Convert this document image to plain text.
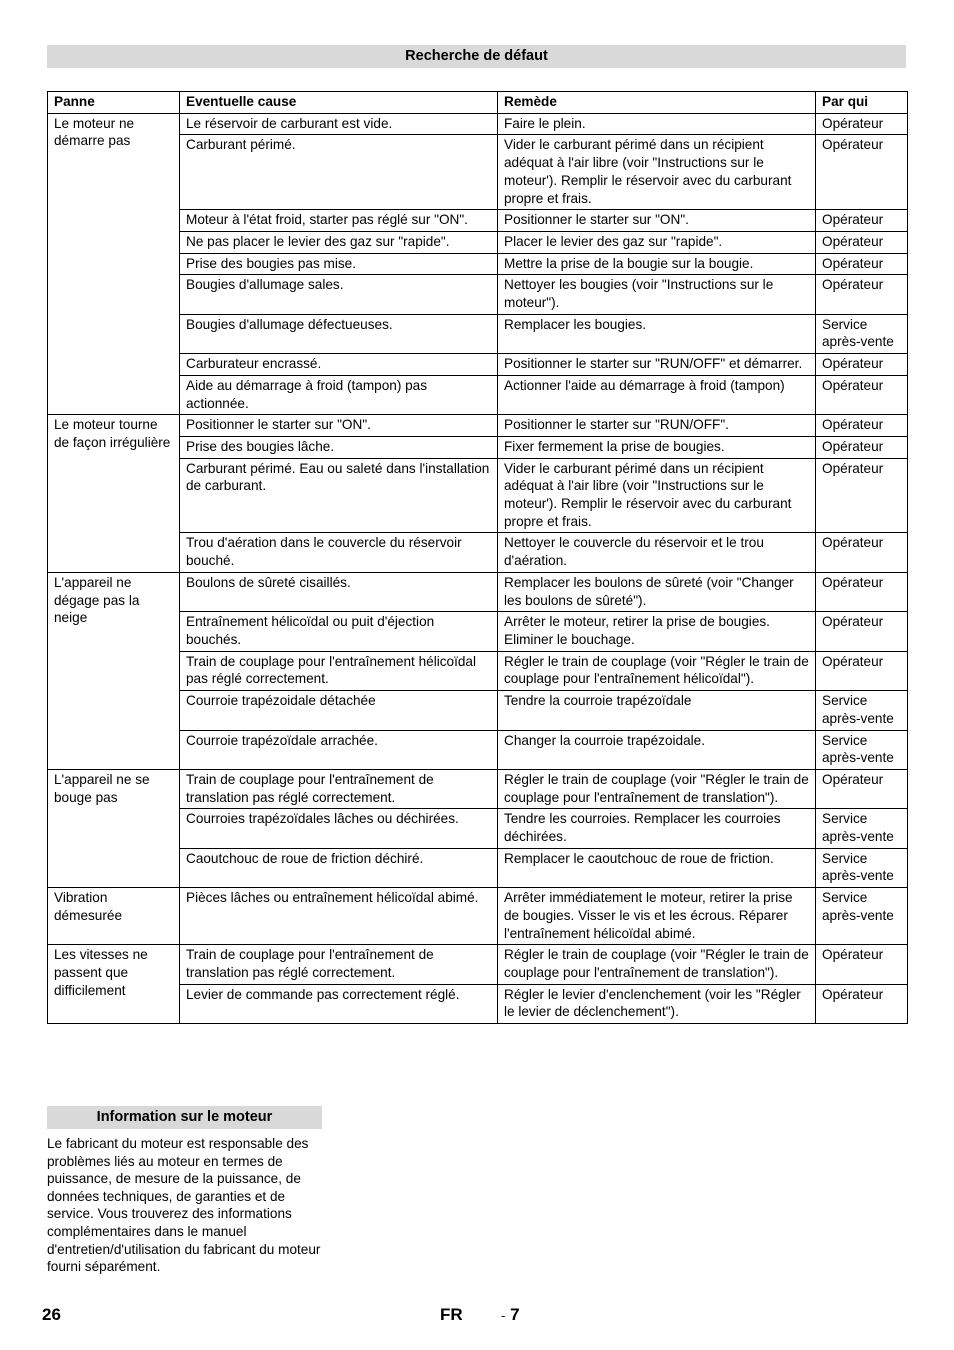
Recherche de défaut
Panne	Eventuelle cause	Remède	Par qui
Le moteur ne démarre pas	Le réservoir de carburant est vide.	Faire le plein.	Opérateur
	Carburant périmé.	Vider le carburant périmé dans un récipient adéquat à l'air libre (voir "Instructions sur le moteur'). Remplir le réservoir avec du carburant propre et frais.	Opérateur
	Moteur à l'état froid, starter pas réglé sur "ON".	Positionner le starter sur "ON".	Opérateur
	Ne pas placer le levier des gaz sur "rapide".	Placer le levier des gaz sur "rapide".	Opérateur
	Prise des bougies pas mise.	Mettre la prise de la bougie sur la bougie.	Opérateur
	Bougies d'allumage sales.	Nettoyer les bougies (voir "Instructions sur le moteur").	Opérateur
	Bougies d'allumage défectueuses.	Remplacer les bougies.	Service après-vente
	Carburateur encrassé.	Positionner le starter sur "RUN/OFF" et démarrer.	Opérateur
	Aide au démarrage à froid (tampon) pas actionnée.	Actionner l'aide au démarrage à froid (tampon)	Opérateur
Le moteur tourne de façon irrégulière	Positionner le starter sur "ON".	Positionner le starter sur "RUN/OFF".	Opérateur
	Prise des bougies lâche.	Fixer fermement la prise de bougies.	Opérateur
	Carburant périmé. Eau ou saleté dans l'installation de carburant.	Vider le carburant périmé dans un récipient adéquat à l'air libre (voir "Instructions sur le moteur'). Remplir le réservoir avec du carburant propre et frais.	Opérateur
	Trou d'aération dans le couvercle du réservoir bouché.	Nettoyer le couvercle du réservoir et le trou d'aération.	Opérateur
L'appareil ne dégage pas la neige	Boulons de sûreté cisaillés.	Remplacer les boulons de sûreté (voir "Changer les boulons de sûreté").	Opérateur
	Entraînement hélicoïdal ou puit d'éjection bouchés.	Arrêter le moteur, retirer la prise de bougies. Eliminer le bouchage.	Opérateur
	Train de couplage pour l'entraînement hélicoïdal pas réglé correctement.	Régler le train de couplage (voir "Régler le train de couplage pour l'entraînement hélicoïdal").	Opérateur
	Courroie trapézoidale détachée	Tendre la courroie trapézoïdale	Service après-vente
	Courroie trapézoïdale arrachée.	Changer la courroie trapézoidale.	Service après-vente
L'appareil ne se bouge pas	Train de couplage pour l'entraînement de translation pas réglé correctement.	Régler le train de couplage (voir "Régler le train de couplage pour l'entraînement de translation").	Opérateur
	Courroies trapézoïdales lâches ou déchirées.	Tendre les courroies. Remplacer les courroies déchirées.	Service après-vente
	Caoutchouc de roue de friction déchiré.	Remplacer le caoutchouc de roue de friction.	Service après-vente
Vibration démesurée	Pièces lâches ou entraînement hélicoïdal abimé.	Arrêter immédiatement le moteur, retirer la prise de bougies. Visser le vis et les écrous. Réparer l'entraînement hélicoïdal abimé.	Service après-vente
Les vitesses ne passent que difficilement	Train de couplage pour l'entraînement de translation pas réglé correctement.	Régler le train de couplage (voir "Régler le train de couplage pour l'entraînement de translation").	Opérateur
	Levier de commande pas correctement réglé.	Régler le levier d'enclenchement (voir les "Régler le levier de déclenchement").	Opérateur
Information sur le moteur

Le fabricant du moteur est responsable des problèmes liés au moteur en termes de puissance, de mesure de la puissance, de données techniques, de garanties et de service. Vous trouverez des informations complémentaires dans le manuel d'entretien/d'utilisation du fabricant du moteur fourni séparément.

26	FR	- 7
